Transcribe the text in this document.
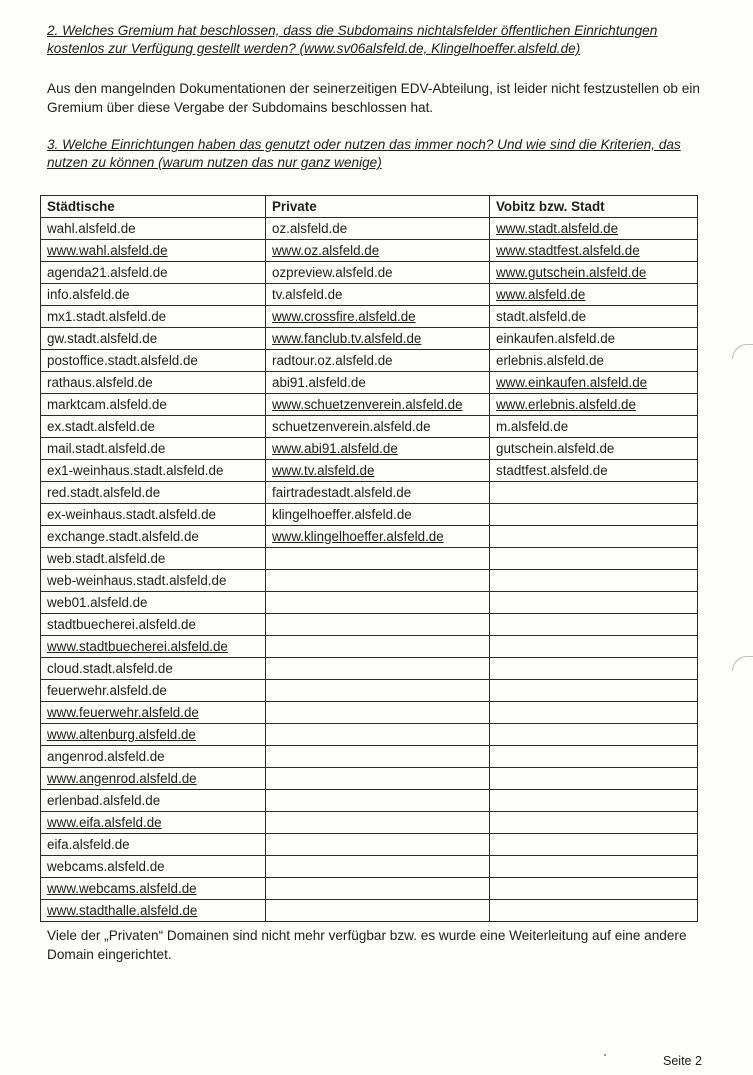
2. Welches Gremium hat beschlossen, dass die Subdomains nichtalsfelder öffentlichen Einrichtungen kostenlos zur Verfügung gestellt werden? (www.sv06alsfeld.de, Klingelhoeffer.alsfeld.de)
Aus den mangelnden Dokumentationen der seinerzeitigen EDV-Abteilung, ist leider nicht festzustellen ob ein Gremium über diese Vergabe der Subdomains beschlossen hat.
3. Welche Einrichtungen haben das genutzt oder nutzen das immer noch? Und wie sind die Kriterien, das nutzen zu können (warum nutzen das nur ganz wenige)
Städtische	Private	Vobitz bzw. Stadt
wahl.alsfeld.de	oz.alsfeld.de	www.stadt.alsfeld.de
www.wahl.alsfeld.de	www.oz.alsfeld.de	www.stadtfest.alsfeld.de
agenda21.alsfeld.de	ozpreview.alsfeld.de	www.gutschein.alsfeld.de
info.alsfeld.de	tv.alsfeld.de	www.alsfeld.de
mx1.stadt.alsfeld.de	www.crossfire.alsfeld.de	stadt.alsfeld.de
gw.stadt.alsfeld.de	www.fanclub.tv.alsfeld.de	einkaufen.alsfeld.de
postoffice.stadt.alsfeld.de	radtour.oz.alsfeld.de	erlebnis.alsfeld.de
rathaus.alsfeld.de	abi91.alsfeld.de	www.einkaufen.alsfeld.de
marktcam.alsfeld.de	www.schuetzenverein.alsfeld.de	www.erlebnis.alsfeld.de
ex.stadt.alsfeld.de	schuetzenverein.alsfeld.de	m.alsfeld.de
mail.stadt.alsfeld.de	www.abi91.alsfeld.de	gutschein.alsfeld.de
ex1-weinhaus.stadt.alsfeld.de	www.tv.alsfeld.de	stadtfest.alsfeld.de
red.stadt.alsfeld.de	fairtradestadt.alsfeld.de	
ex-weinhaus.stadt.alsfeld.de	klingelhoeffer.alsfeld.de	
exchange.stadt.alsfeld.de	www.klingelhoeffer.alsfeld.de	
web.stadt.alsfeld.de		
web-weinhaus.stadt.alsfeld.de		
web01.alsfeld.de		
stadtbuecherei.alsfeld.de		
www.stadtbuecherei.alsfeld.de		
cloud.stadt.alsfeld.de		
feuerwehr.alsfeld.de		
www.feuerwehr.alsfeld.de		
www.altenburg.alsfeld.de		
angenrod.alsfeld.de		
www.angenrod.alsfeld.de		
erlenbad.alsfeld.de		
www.eifa.alsfeld.de		
eifa.alsfeld.de		
webcams.alsfeld.de		
www.webcams.alsfeld.de		
www.stadthalle.alsfeld.de		
Viele der „Privaten“ Domainen sind nicht mehr verfügbar bzw. es wurde eine Weiterleitung auf eine andere Domain eingerichtet.
Seite 2
